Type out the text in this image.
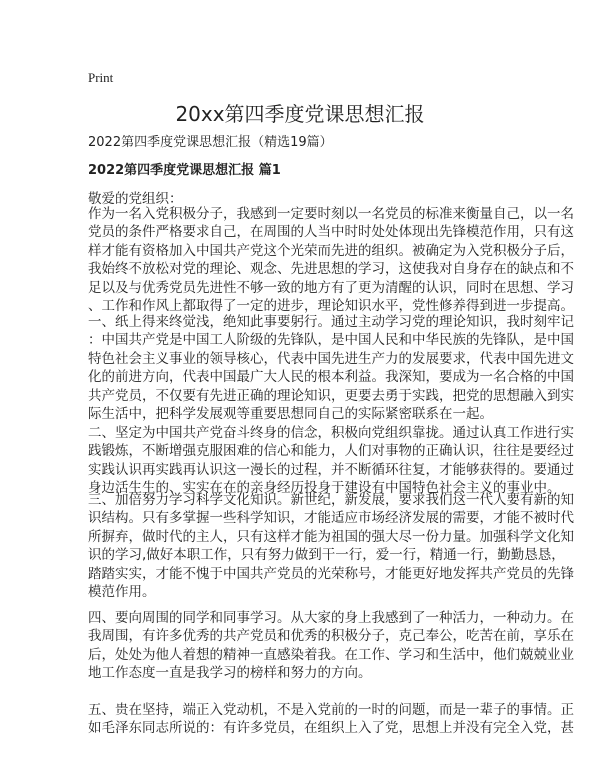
Print
20xx第四季度党课思想汇报
2022第四季度党课思想汇报（精选19篇）
2022第四季度党课思想汇报 篇1
敬爱的党组织：
作为一名入党积极分子，我感到一定要时刻以一名党员的标准来衡量自己，以一名
党员的条件严格要求自己，在周围的人当中时时处处体现出先锋模范作用，只有这
样才能有资格加入中国共产党这个光荣而先进的组织。被确定为入党积极分子后，
我始终不放松对党的理论、观念、先进思想的学习，这使我对自身存在的缺点和不
足以及与优秀党员先进性不够一致的地方有了更为清醒的认识，同时在思想、学习
、工作和作风上都取得了一定的进步，理论知识水平，党性修养得到进一步提高。
一、纸上得来终觉浅，绝知此事要躬行。通过主动学习党的理论知识，我时刻牢记
：中国共产党是中国工人阶级的先锋队，是中国人民和中华民族的先锋队，是中国
特色社会主义事业的领导核心，代表中国先进生产力的发展要求，代表中国先进文
化的前进方向，代表中国最广大人民的根本利益。我深知，要成为一名合格的中国
共产党员，不仅要有先进正确的理论知识，更要去勇于实践，把党的思想融入到实
际生活中，把科学发展观等重要思想同自己的实际紧密联系在一起。
二、坚定为中国共产党奋斗终身的信念，积极向党组织靠拢。通过认真工作进行实
践锻炼，不断增强克服困难的信心和能力，人们对事物的正确认识，往往是要经过
实践认识再实践再认识这一漫长的过程，并不断循环往复，才能够获得的。要通过
身边活生生的、实实在在的亲身经历投身于建设有中国特色社会主义的事业中。
三、加倍努力学习科学文化知识。新世纪，新发展，要求我们这一代人要有新的知
识结构。只有多掌握一些科学知识，才能适应市场经济发展的需要，才能不被时代
所摒弃，做时代的主人，只有这样才能为祖国的强大尽一份力量。加强科学文化知
识的学习,做好本职工作，只有努力做到干一行，爱一行，精通一行，勤勤恳恳，
踏踏实实，才能不愧于中国共产党员的光荣称号，才能更好地发挥共产党员的先锋
模范作用。
四、要向周围的同学和同事学习。从大家的身上我感到了一种活力，一种动力。在
我周围，有许多优秀的共产党员和优秀的积极分子，克己奉公，吃苦在前，享乐在
后，处处为他人着想的精神一直感染着我。在工作、学习和生活中，他们兢兢业业
地工作态度一直是我学习的榜样和努力的方向。
五、贵在坚持，端正入党动机，不是入党前的一时的问题，而是一辈子的事情。正
如毛泽东同志所说的：有许多党员，在组织上入了党，思想上并没有完全入党，甚
